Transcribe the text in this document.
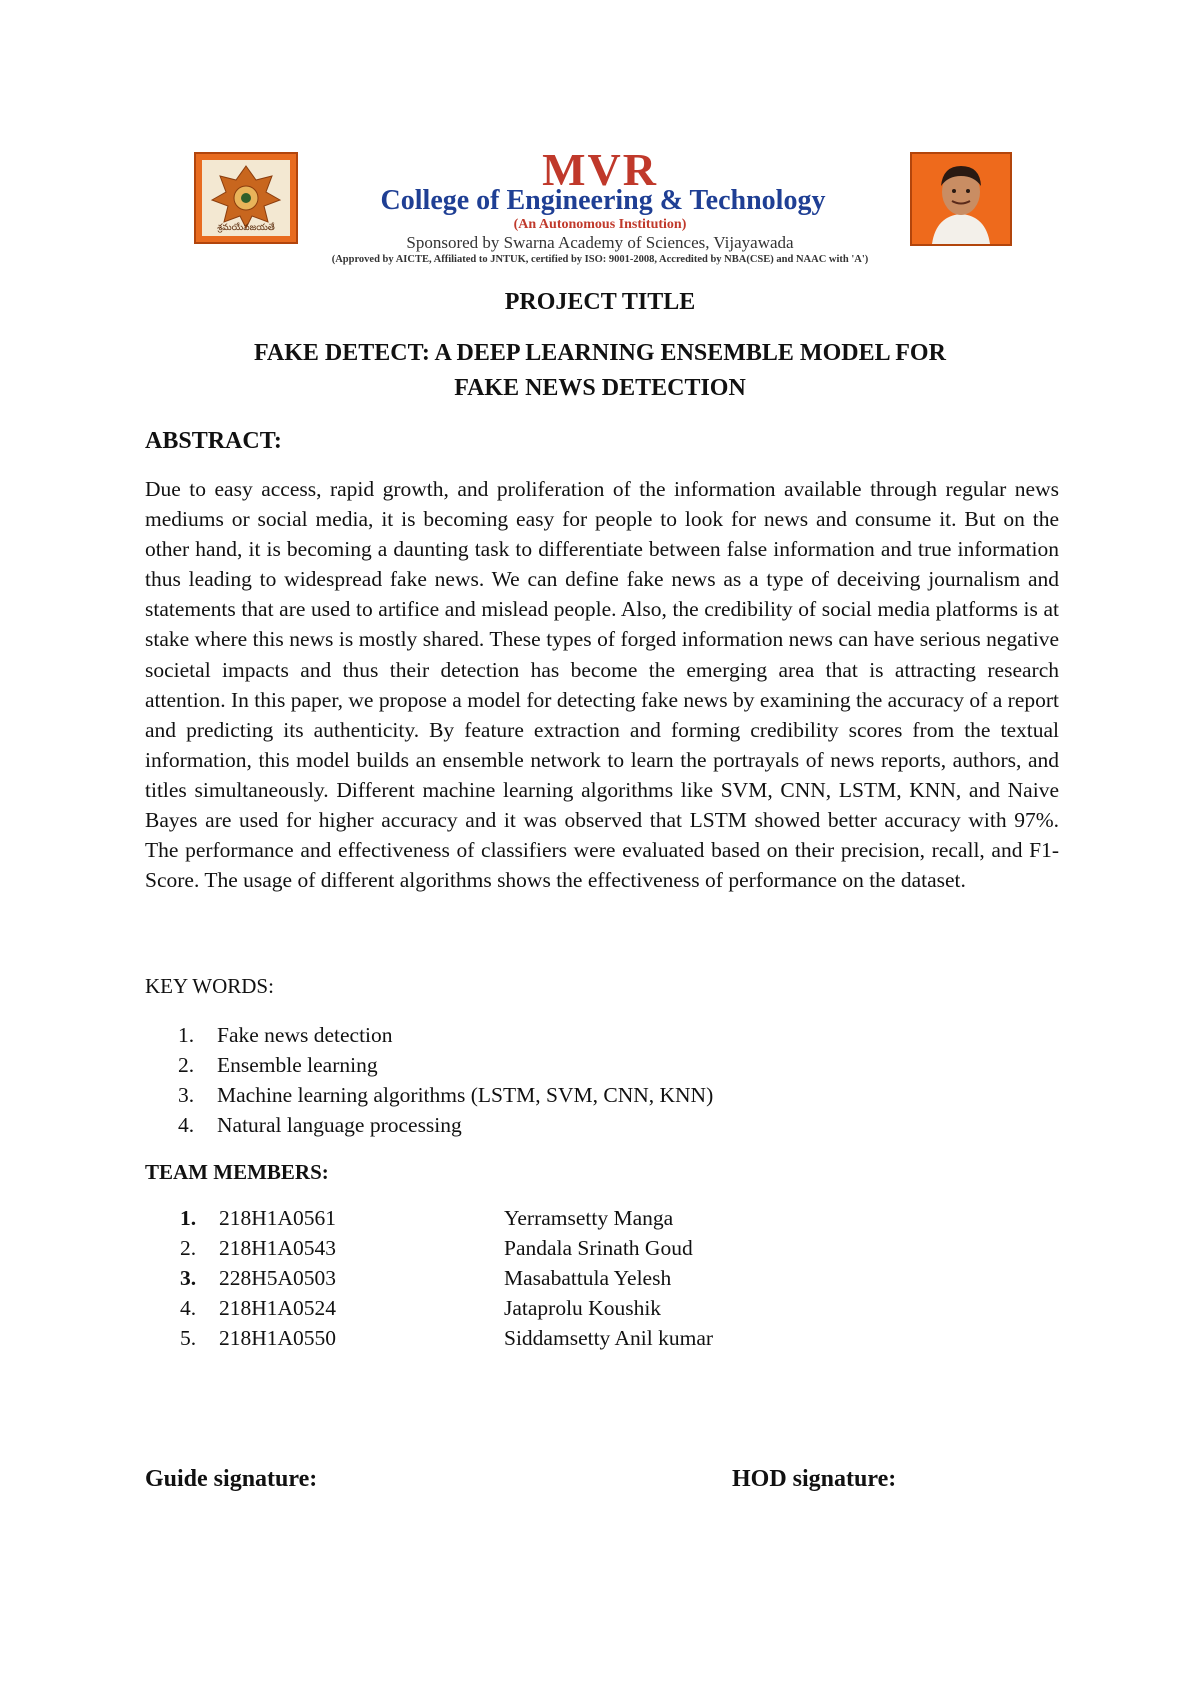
శ్రమయేవజయతే
MVR
College of Engineering & Technology
(An Autonomous Institution)
Sponsored by Swarna Academy of Sciences, Vijayawada
(Approved by AICTE, Affiliated to JNTUK, certified by ISO: 9001-2008, Accredited by NBA(CSE) and NAAC with 'A')
PROJECT TITLE
FAKE DETECT: A DEEP LEARNING ENSEMBLE MODEL FOR
FAKE NEWS DETECTION
ABSTRACT:

Due to easy access, rapid growth, and proliferation of the information available through regular news mediums or social media, it is becoming easy for people to look for news and consume it. But on the other hand, it is becoming a daunting task to differentiate between false information and true information thus leading to widespread fake news. We can define fake news as a type of deceiving journalism and statements that are used to artifice and mislead people. Also, the credibility of social media platforms is at stake where this news is mostly shared. These types of forged information news can have serious negative societal impacts and thus their detection has become the emerging area that is attracting research attention. In this paper, we propose a model for detecting fake news by examining the accuracy of a report and predicting its authenticity. By feature extraction and forming credibility scores from the textual information, this model builds an ensemble network to learn the portrayals of news reports, authors, and titles simultaneously. Different machine learning algorithms like SVM, CNN, LSTM, KNN, and Naive Bayes are used for higher accuracy and it was observed that LSTM showed better accuracy with 97%. The performance and effectiveness of classifiers were evaluated based on their precision, recall, and F1-Score. The usage of different algorithms shows the effectiveness of performance on the dataset.

KEY WORDS:
1. Fake news detection
2. Ensemble learning
3. Machine learning algorithms (LSTM, SVM, CNN, KNN)
4. Natural language processing
TEAM MEMBERS:
1. 218H1A0561	Yerramsetty Manga
2. 218H1A0543	Pandala Srinath Goud
3. 228H5A0503	Masabattula Yelesh
4. 218H1A0524	Jataprolu Koushik
5. 218H1A0550	Siddamsetty Anil kumar
Guide signature:	HOD signature:
